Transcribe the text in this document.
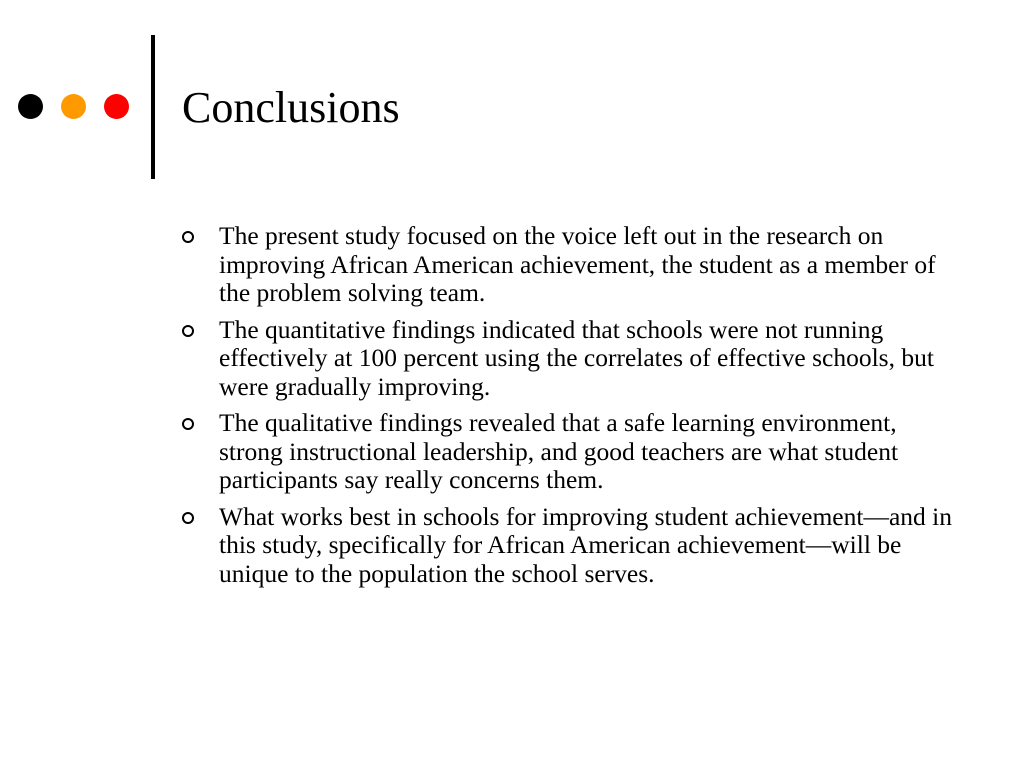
Conclusions
The present study focused on the voice left out in the research on improving African American achievement, the student as a member of the problem solving team.
The quantitative findings indicated that schools were not running effectively at 100 percent using the correlates of effective schools, but were gradually improving.
The qualitative findings revealed that a safe learning environment, strong instructional leadership, and good teachers are what student participants say really concerns them.
What works best in schools for improving student achievement—and in this study, specifically for African American achievement—will be unique to the population the school serves.
